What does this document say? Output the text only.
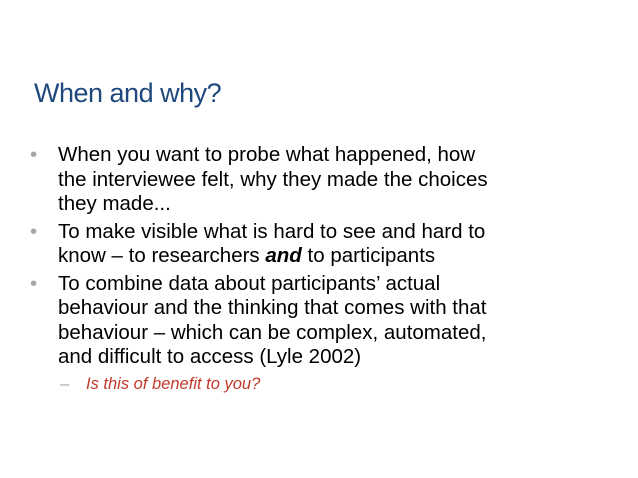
When and why?
• When you want to probe what happened, how
the interviewee felt, why they made the choices
they made...
• To make visible what is hard to see and hard to
know – to researchers and to participants
• To combine data about participants’ actual
behaviour and the thinking that comes with that
behaviour – which can be complex, automated,
and difficult to access (Lyle 2002)
– Is this of benefit to you?
